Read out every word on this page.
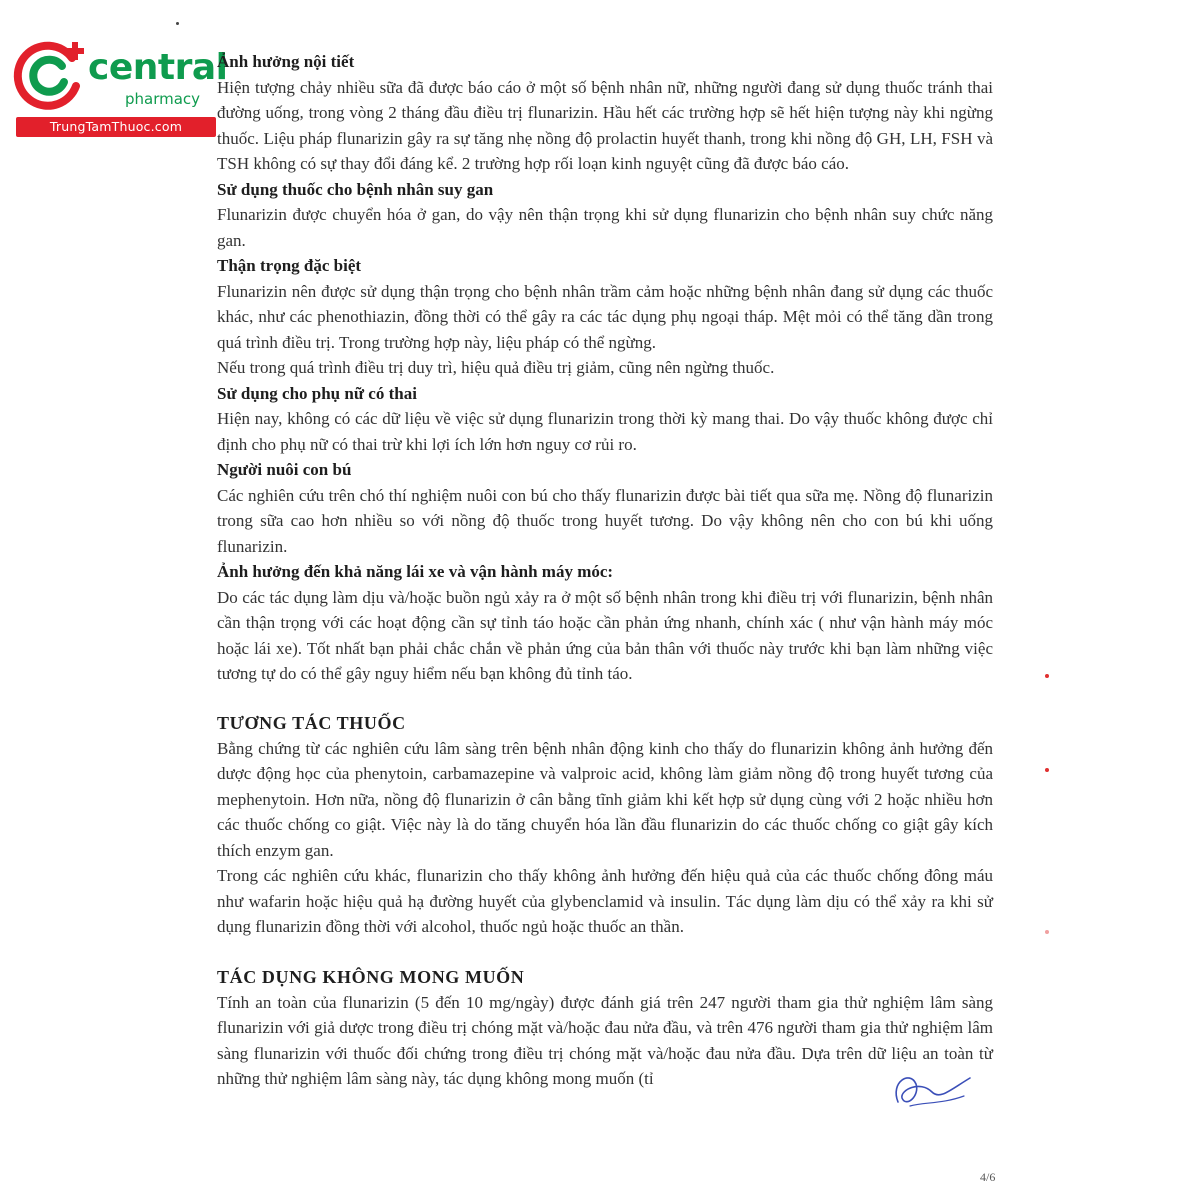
central
pharmacy
TrungTamThuoc.com

Ảnh hưởng nội tiết

Hiện tượng chảy nhiều sữa đã được báo cáo ở một số bệnh nhân nữ, những người đang sử dụng thuốc tránh thai đường uống, trong vòng 2 tháng đầu điều trị flunarizin. Hầu hết các trường hợp sẽ hết hiện tượng này khi ngừng thuốc. Liệu pháp flunarizin gây ra sự tăng nhẹ nồng độ prolactin huyết thanh, trong khi nồng độ GH, LH, FSH và TSH không có sự thay đổi đáng kể. 2 trường hợp rối loạn kinh nguyệt cũng đã được báo cáo.

Sử dụng thuốc cho bệnh nhân suy gan

Flunarizin được chuyển hóa ở gan, do vậy nên thận trọng khi sử dụng flunarizin cho bệnh nhân suy chức năng gan.

Thận trọng đặc biệt

Flunarizin nên được sử dụng thận trọng cho bệnh nhân trầm cảm hoặc những bệnh nhân đang sử dụng các thuốc khác, như các phenothiazin, đồng thời có thể gây ra các tác dụng phụ ngoại tháp. Mệt mỏi có thể tăng dần trong quá trình điều trị. Trong trường hợp này, liệu pháp có thể ngừng.

Nếu trong quá trình điều trị duy trì, hiệu quả điều trị giảm, cũng nên ngừng thuốc.

Sử dụng cho phụ nữ có thai

Hiện nay, không có các dữ liệu về việc sử dụng flunarizin trong thời kỳ mang thai. Do vậy thuốc không được chỉ định cho phụ nữ có thai trừ khi lợi ích lớn hơn nguy cơ rủi ro.

Người nuôi con bú

Các nghiên cứu trên chó thí nghiệm nuôi con bú cho thấy flunarizin được bài tiết qua sữa mẹ. Nồng độ flunarizin trong sữa cao hơn nhiều so với nồng độ thuốc trong huyết tương. Do vậy không nên cho con bú khi uống flunarizin.

Ảnh hưởng đến khả năng lái xe và vận hành máy móc:

Do các tác dụng làm dịu và/hoặc buồn ngủ xảy ra ở một số bệnh nhân trong khi điều trị với flunarizin, bệnh nhân cần thận trọng với các hoạt động cần sự tỉnh táo hoặc cần phản ứng nhanh, chính xác ( như vận hành máy móc hoặc lái xe). Tốt nhất bạn phải chắc chắn về phản ứng của bản thân với thuốc này trước khi bạn làm những việc tương tự do có thể gây nguy hiểm nếu bạn không đủ tỉnh táo.

TƯƠNG TÁC THUỐC

Bằng chứng từ các nghiên cứu lâm sàng trên bệnh nhân động kinh cho thấy do flunarizin không ảnh hưởng đến dược động học của phenytoin, carbamazepine và valproic acid, không làm giảm nồng độ trong huyết tương của mephenytoin. Hơn nữa, nồng độ flunarizin ở cân bằng tĩnh giảm khi kết hợp sử dụng cùng với 2 hoặc nhiều hơn các thuốc chống co giật. Việc này là do tăng chuyển hóa lần đầu flunarizin do các thuốc chống co giật gây kích thích enzym gan.

Trong các nghiên cứu khác, flunarizin cho thấy không ảnh hưởng đến hiệu quả của các thuốc chống đông máu như wafarin hoặc hiệu quả hạ đường huyết của glybenclamid và insulin. Tác dụng làm dịu có thể xảy ra khi sử dụng flunarizin đồng thời với alcohol, thuốc ngủ hoặc thuốc an thần.

TÁC DỤNG KHÔNG MONG MUỐN

Tính an toàn của flunarizin (5 đến 10 mg/ngày) được đánh giá trên 247 người tham gia thử nghiệm lâm sàng flunarizin với giả dược trong điều trị chóng mặt và/hoặc đau nửa đầu, và trên 476 người tham gia thử nghiệm lâm sàng flunarizin với thuốc đối chứng trong điều trị chóng mặt và/hoặc đau nửa đầu. Dựa trên dữ liệu an toàn từ những thử nghiệm lâm sàng này, tác dụng không mong muốn (tỉ

4/6
